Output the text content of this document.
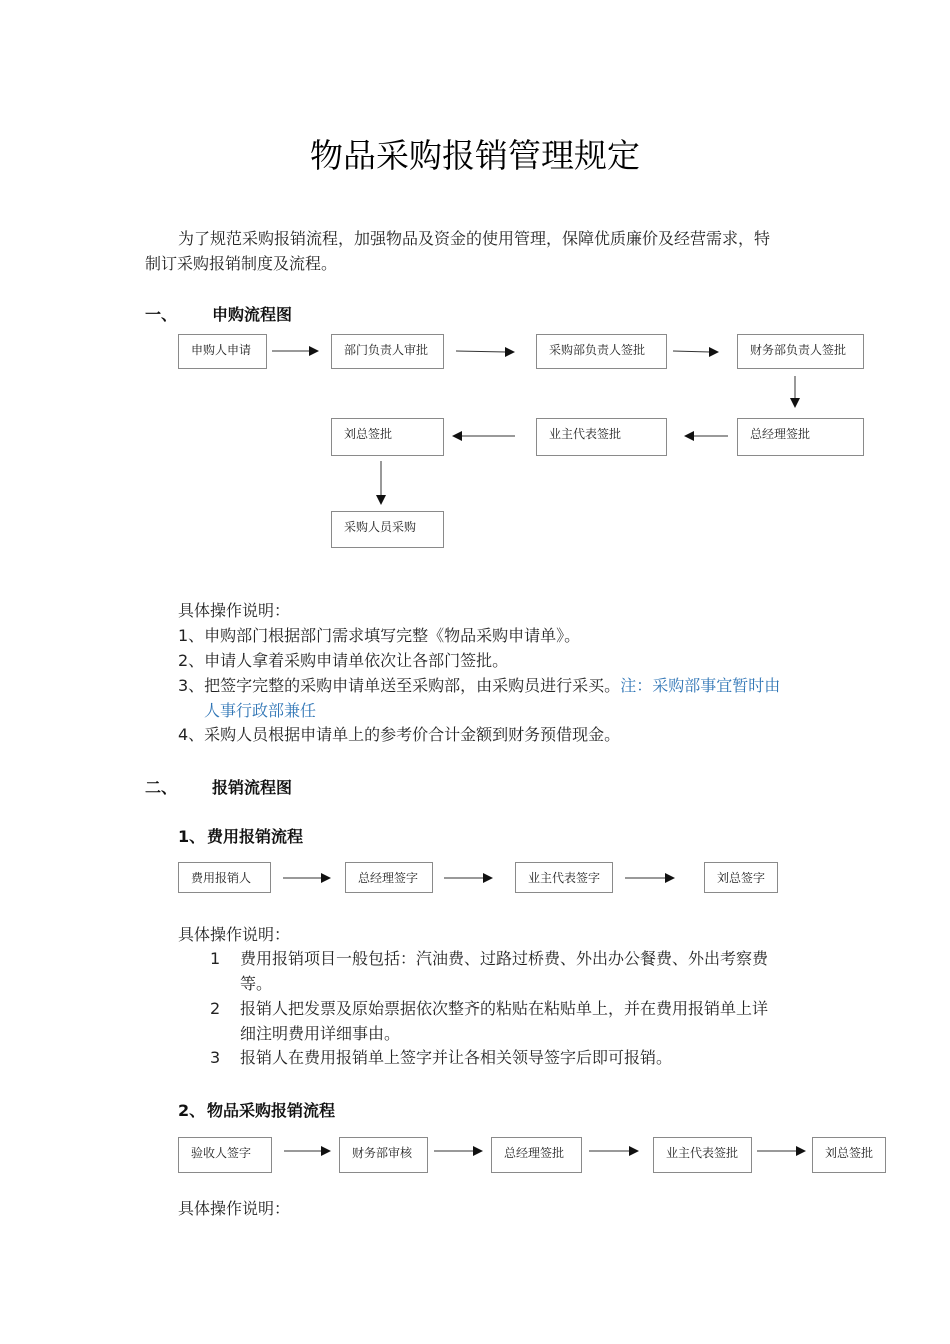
物品采购报销管理规定
为了规范采购报销流程，加强物品及资金的使用管理，保障优质廉价及经营需求，特
制订采购报销制度及流程。
一、 申购流程图
申购人申请	部门负责人审批	采购部负责人签批	财务部负责人签批
总经理签批
业主代表签批
刘总签批
采购人员采购
具体操作说明：
1、申购部门根据部门需求填写完整《物品采购申请单》。
2、申请人拿着采购申请单依次让各部门签批。
3、把签字完整的采购申请单送至采购部，由采购员进行采买。注：采购部事宜暂时由
人事行政部兼任
4、采购人员根据申请单上的参考价合计金额到财务预借现金。
二、 报销流程图
1、 费用报销流程
费用报销人	总经理签字	业主代表签字	刘总签字
具体操作说明：
1 费用报销项目一般包括：汽油费、过路过桥费、外出办公餐费、外出考察费
等。
2 报销人把发票及原始票据依次整齐的粘贴在粘贴单上，并在费用报销单上详
细注明费用详细事由。
3 报销人在费用报销单上签字并让各相关领导签字后即可报销。
2、 物品采购报销流程
验收人签字	财务部审核	总经理签批	业主代表签批	刘总签批
具体操作说明：
